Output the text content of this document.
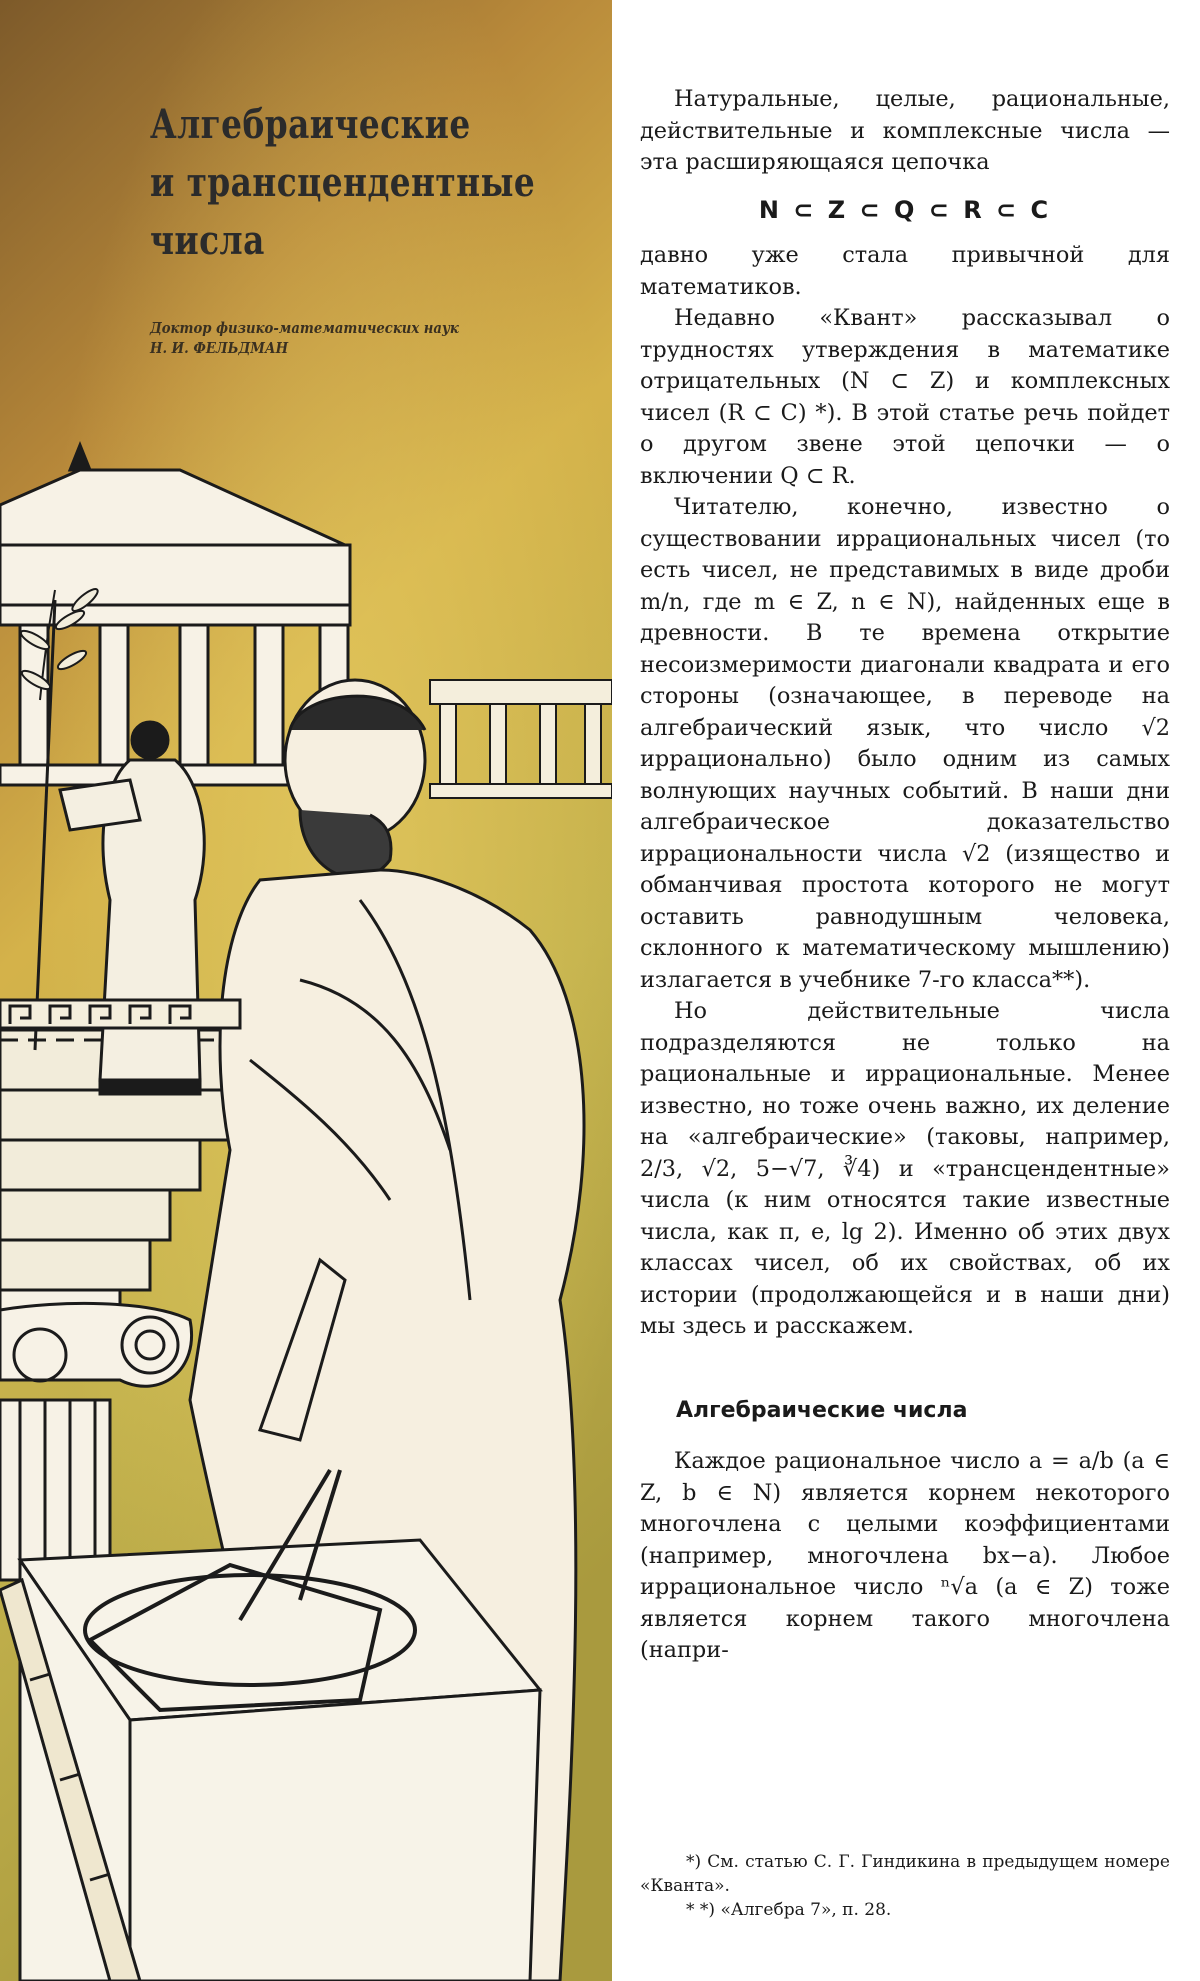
Алгебраические
и трансцендентные
числа
Доктор физико-математических наук
Н. И. ФЕЛЬДМАН

Натуральные, целые, рациональные, действительные и комплексные числа — эта расширяющаяся цепочка

N ⊂ Z ⊂ Q ⊂ R ⊂ C

давно уже стала привычной для математиков.

Недавно «Квант» рассказывал о трудностях утверждения в математике отрицательных (N ⊂ Z) и комплексных чисел (R ⊂ C) *). В этой статье речь пойдет о другом звене этой цепочки — о включении Q ⊂ R.

Читателю, конечно, известно о существовании иррациональных чисел (то есть чисел, не представимых в виде дроби m/n, где m ∈ Z, n ∈ N), найденных еще в древности. В те времена открытие несоизмеримости диагонали квадрата и его стороны (означающее, в переводе на алгебраический язык, что число √2 иррационально) было одним из самых волнующих научных событий. В наши дни алгебраическое доказательство иррациональности числа √2 (изящество и обманчивая простота которого не могут оставить равнодушным человека, склонного к математическому мышлению) излагается в учебнике 7-го класса**).

Но действительные числа подразделяются не только на рациональные и иррациональные. Менее известно, но тоже очень важно, их деление на «алгебраические» (таковы, например, 2/3, √2, 5−√7, ∛4) и «трансцендентные» числа (к ним относятся такие известные числа, как π, e, lg 2). Именно об этих двух классах чисел, об их свойствах, об их истории (продолжающейся и в наши дни) мы здесь и расскажем.

Алгебраические числа

Каждое рациональное число a = a/b (a ∈ Z, b ∈ N) является корнем некоторого многочлена с целыми коэффициентами (например, многочлена bx−a). Любое иррациональное число ⁿ√a (a ∈ Z) тоже является корнем такого многочлена (напри-

*) См. статью С. Г. Гиндикина в предыдущем номере «Кванта».
* *) «Алгебра 7», п. 28.
